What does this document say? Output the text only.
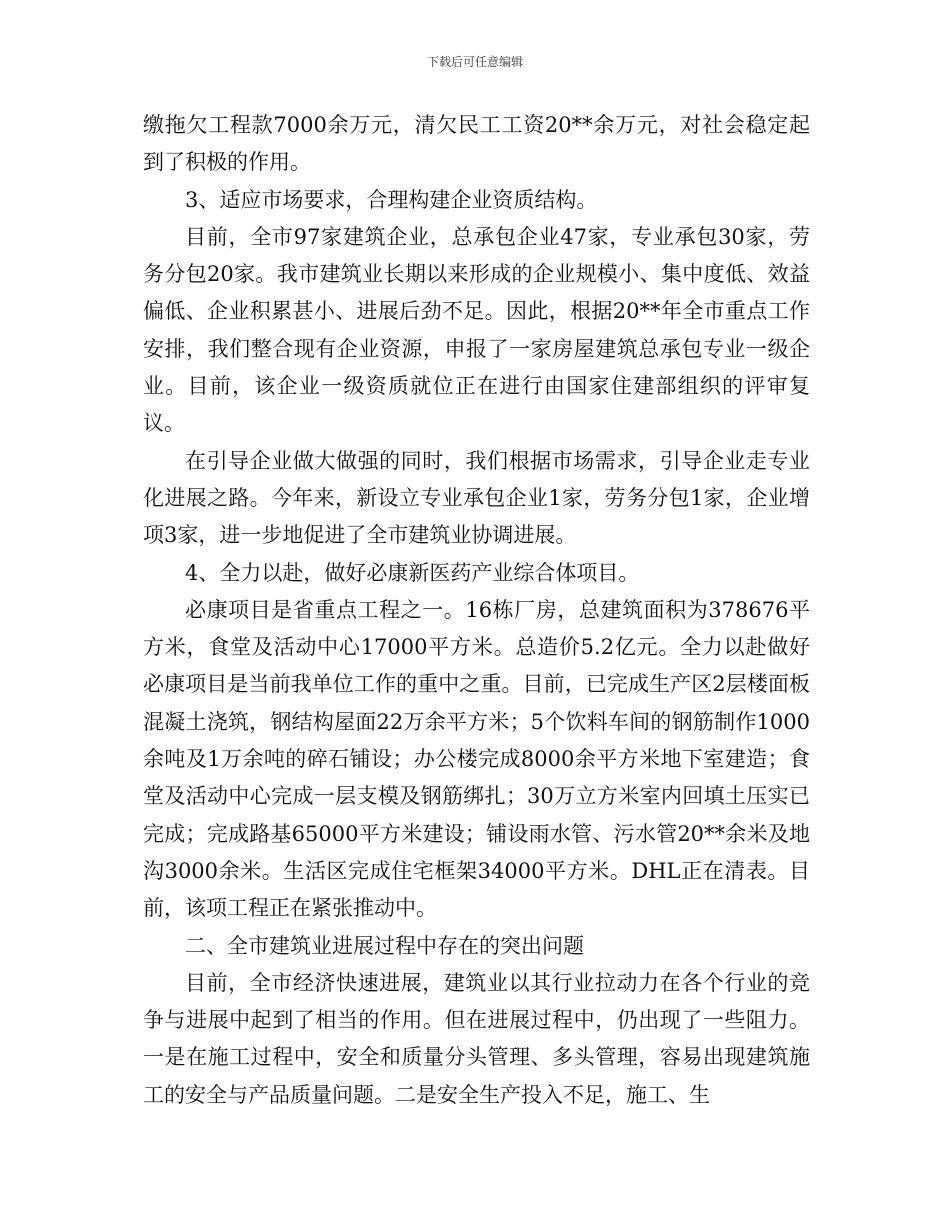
下载后可任意编辑

缴拖欠工程款7000余万元，清欠民工工资20**余万元，对社会稳定起到了积极的作用。

3、适应市场要求，合理构建企业资质结构。

目前，全市97家建筑企业，总承包企业47家，专业承包30家，劳务分包20家。我市建筑业长期以来形成的企业规模小、集中度低、效益偏低、企业积累甚小、进展后劲不足。因此，根据20**年全市重点工作安排，我们整合现有企业资源，申报了一家房屋建筑总承包专业一级企业。目前，该企业一级资质就位正在进行由国家住建部组织的评审复议。

在引导企业做大做强的同时，我们根据市场需求，引导企业走专业化进展之路。今年来，新设立专业承包企业1家，劳务分包1家，企业增项3家，进一步地促进了全市建筑业协调进展。

4、全力以赴，做好必康新医药产业综合体项目。

必康项目是省重点工程之一。16栋厂房，总建筑面积为378676平方米，食堂及活动中心17000平方米。总造价5.2亿元。全力以赴做好必康项目是当前我单位工作的重中之重。目前，已完成生产区2层楼面板混凝土浇筑，钢结构屋面22万余平方米；5个饮料车间的钢筋制作1000余吨及1万余吨的碎石铺设；办公楼完成8000余平方米地下室建造；食堂及活动中心完成一层支模及钢筋绑扎；30万立方米室内回填土压实已完成；完成路基65000平方米建设；铺设雨水管、污水管20**余米及地沟3000余米。生活区完成住宅框架34000平方米。DHL正在清表。目前，该项工程正在紧张推动中。

二、全市建筑业进展过程中存在的突出问题

目前，全市经济快速进展，建筑业以其行业拉动力在各个行业的竞争与进展中起到了相当的作用。但在进展过程中，仍出现了一些阻力。一是在施工过程中，安全和质量分头管理、多头管理，容易出现建筑施工的安全与产品质量问题。二是安全生产投入不足，施工、生
